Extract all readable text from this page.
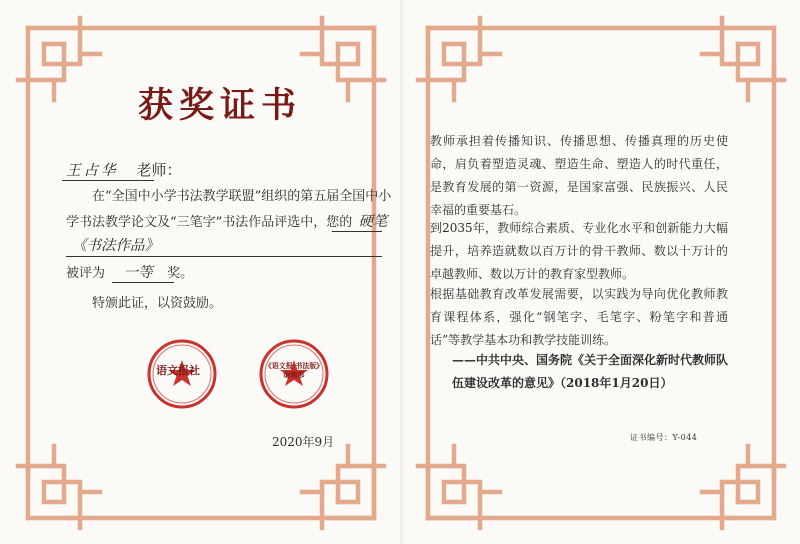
获奖证书
王占华 老师：
在“全国中小学书法教学联盟”组织的第五届全国中小
学书法教学论文及“三笔字”书法作品评选中，您的 硬笔
《书法作品》
被评为 一等 奖。
特颁此证，以资鼓励。
语文报社	《语文报·书法版》编辑部
2020年9月
教师承担着传播知识、传播思想、传播真理的历史使命，肩负着塑造灵魂、塑造生命、塑造人的时代重任，是教育发展的第一资源，是国家富强、民族振兴、人民幸福的重要基石。
到2035年，教师综合素质、专业化水平和创新能力大幅提升，培养造就数以百万计的骨干教师、数以十万计的卓越教师、数以万计的教育家型教师。
根据基础教育改革发展需要，以实践为导向优化教师教育课程体系，强化“钢笔字、毛笔字、粉笔字和普通话”等教学基本功和教学技能训练。
——中共中央、国务院《关于全面深化新时代教师队伍建设改革的意见》（2018年1月20日）
证书编号：Y-044
